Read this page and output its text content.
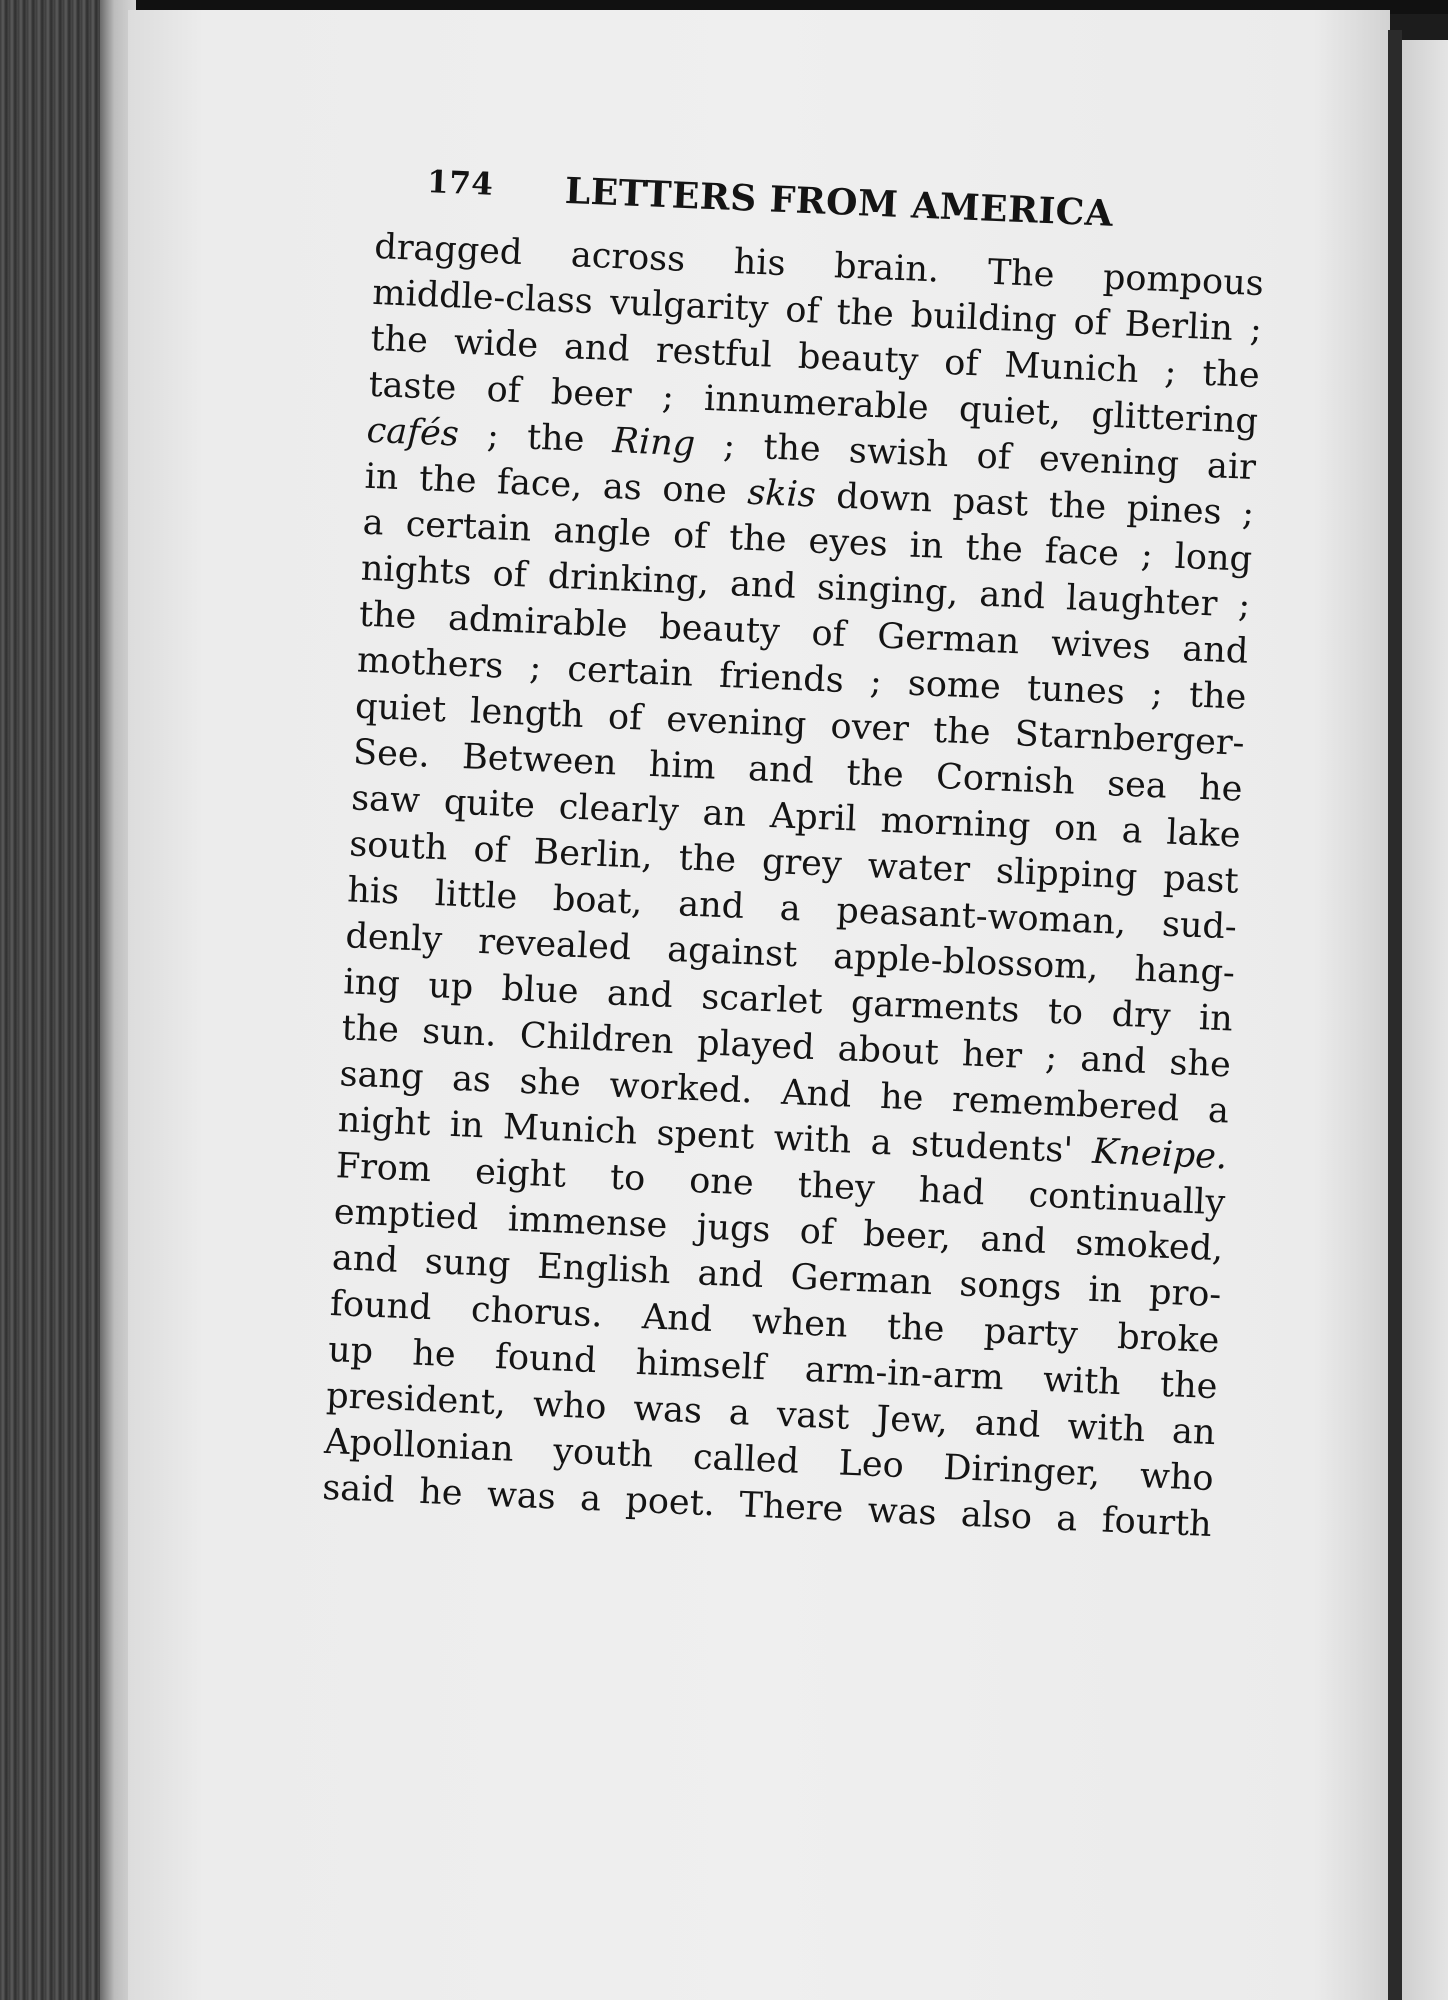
174 LETTERS FROM AMERICA
dragged across his brain. The pompous
middle-class vulgarity of the building of Berlin ;
the wide and restful beauty of Munich ; the
taste of beer ; innumerable quiet, glittering
cafés ; the Ring ; the swish of evening air
in the face, as one skis down past the pines ;
a certain angle of the eyes in the face ; long
nights of drinking, and singing, and laughter ;
the admirable beauty of German wives and
mothers ; certain friends ; some tunes ; the
quiet length of evening over the Starnberger-
See. Between him and the Cornish sea he
saw quite clearly an April morning on a lake
south of Berlin, the grey water slipping past
his little boat, and a peasant-woman, sud-
denly revealed against apple-blossom, hang-
ing up blue and scarlet garments to dry in
the sun. Children played about her ; and she
sang as she worked. And he remembered a
night in Munich spent with a students' Kneipe.
From eight to one they had continually
emptied immense jugs of beer, and smoked,
and sung English and German songs in pro-
found chorus. And when the party broke
up he found himself arm-in-arm with the
president, who was a vast Jew, and with an
Apollonian youth called Leo Diringer, who
said he was a poet. There was also a fourth
